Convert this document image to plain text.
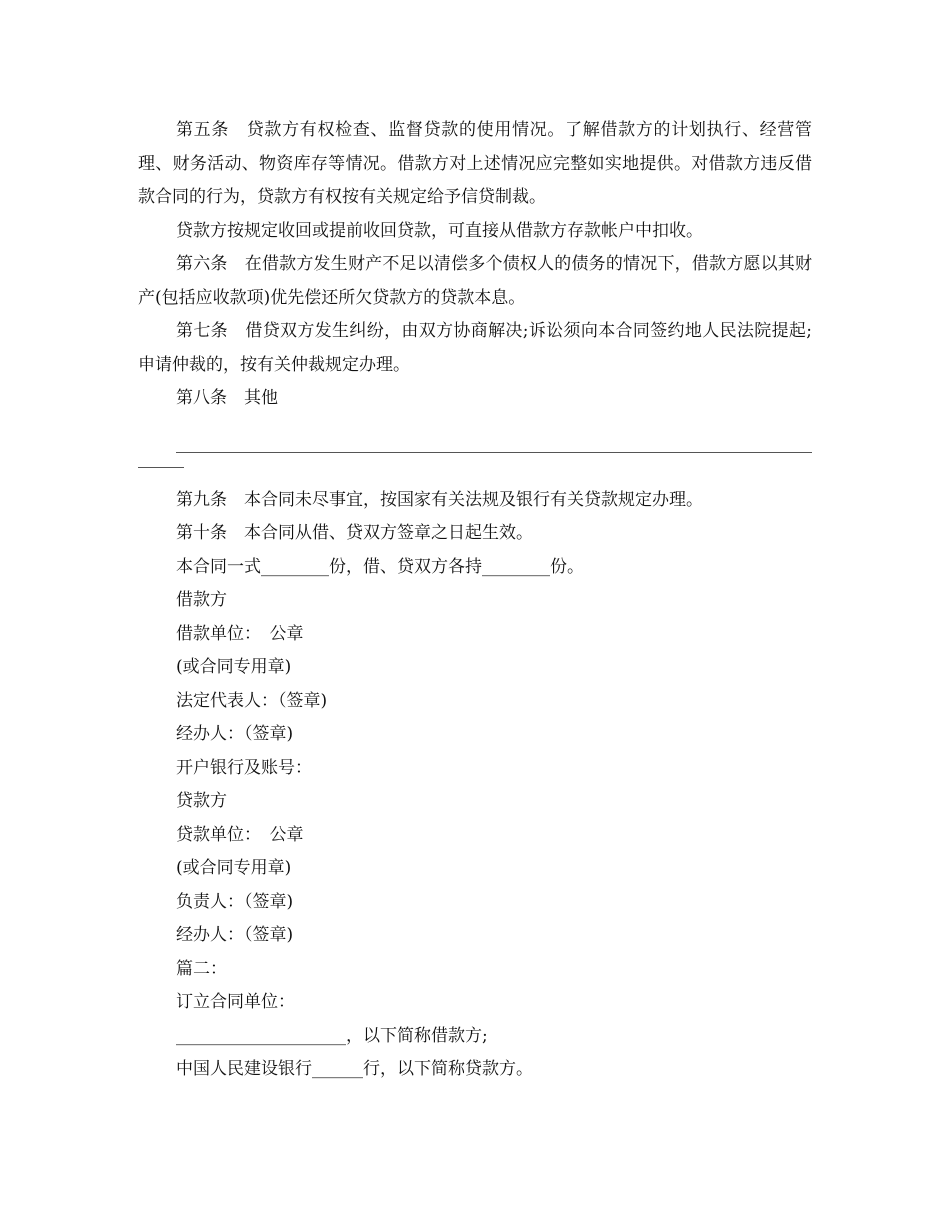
第五条　贷款方有权检查、监督贷款的使用情况。了解借款方的计划执行、经营管理、财务活动、物资库存等情况。借款方对上述情况应完整如实地提供。对借款方违反借款合同的行为，贷款方有权按有关规定给予信贷制裁。

贷款方按规定收回或提前收回贷款，可直接从借款方存款帐户中扣收。

第六条　在借款方发生财产不足以清偿多个债权人的债务的情况下，借款方愿以其财产(包括应收款项)优先偿还所欠贷款方的贷款本息。

第七条　借贷双方发生纠纷，由双方协商解决;诉讼须向本合同签约地人民法院提起;申请仲裁的，按有关仲裁规定办理。

第八条　其他

第九条　本合同未尽事宜，按国家有关法规及银行有关贷款规定办理。

第十条　本合同从借、贷双方签章之日起生效。

本合同一式________份，借、贷双方各持________份。

借款方

借款单位：　公章

(或合同专用章)

法定代表人：（签章)

经办人：（签章)

开户银行及账号：

贷款方

贷款单位：　公章

(或合同专用章)

负责人：（签章)

经办人：（签章)

篇二：

订立合同单位：

____________________，以下简称借款方;

中国人民建设银行______行，以下简称贷款方。
